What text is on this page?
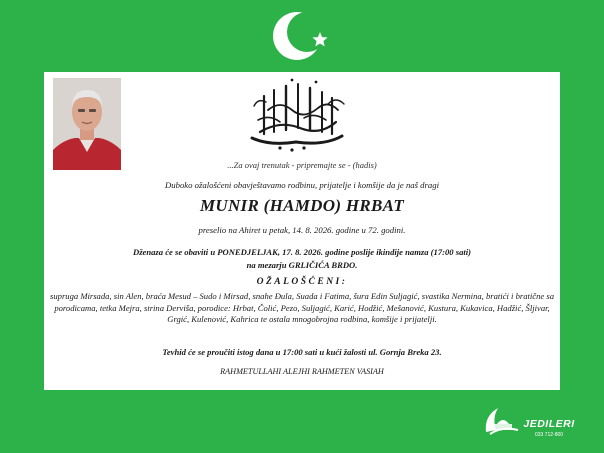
...Za ovaj trenutak - pripremajte se - (hadis)
Duboko ožalošćeni obavještavamo rodbinu, prijatelje i komšije da je naš dragi
MUNIR (HAMDO) HRBAT
preselio na Ahiret u petak, 14. 8. 2026. godine u 72. godini.
Dženaza će se obaviti u PONEDJELJAK, 17. 8. 2026. godine poslije ikindije namza (17:00 sati)
na mezarju GRLIČIĆA BRDO.
OŽALOŠĆENI:
supruga Mirsada, sin Alen, braća Mesud – Sudo i Mirsad, snahe Đula, Suada i Fatima, šura Edin Suljagić, svastika Nermina, bratići i bratične sa porodicama, tetka Mejra, strina Derviša, porodice: Hrbat, Čolić, Pezo, Suljagić, Karić, Hodžić, Mešanović, Kustura, Kukavica, Hadžić, Šljivar, Grgić, Kulenović, Kahrica te ostala mnogobrojna rodbina, komšije i prijatelji.
Tevhid će se proučiti istog dana u 17:00 sati u kući žalosti ul. Gornja Breka 23.
RAHMETULLAHI ALEJHI RAHMETEN VASIAH
JEDILERI
033 712-800
